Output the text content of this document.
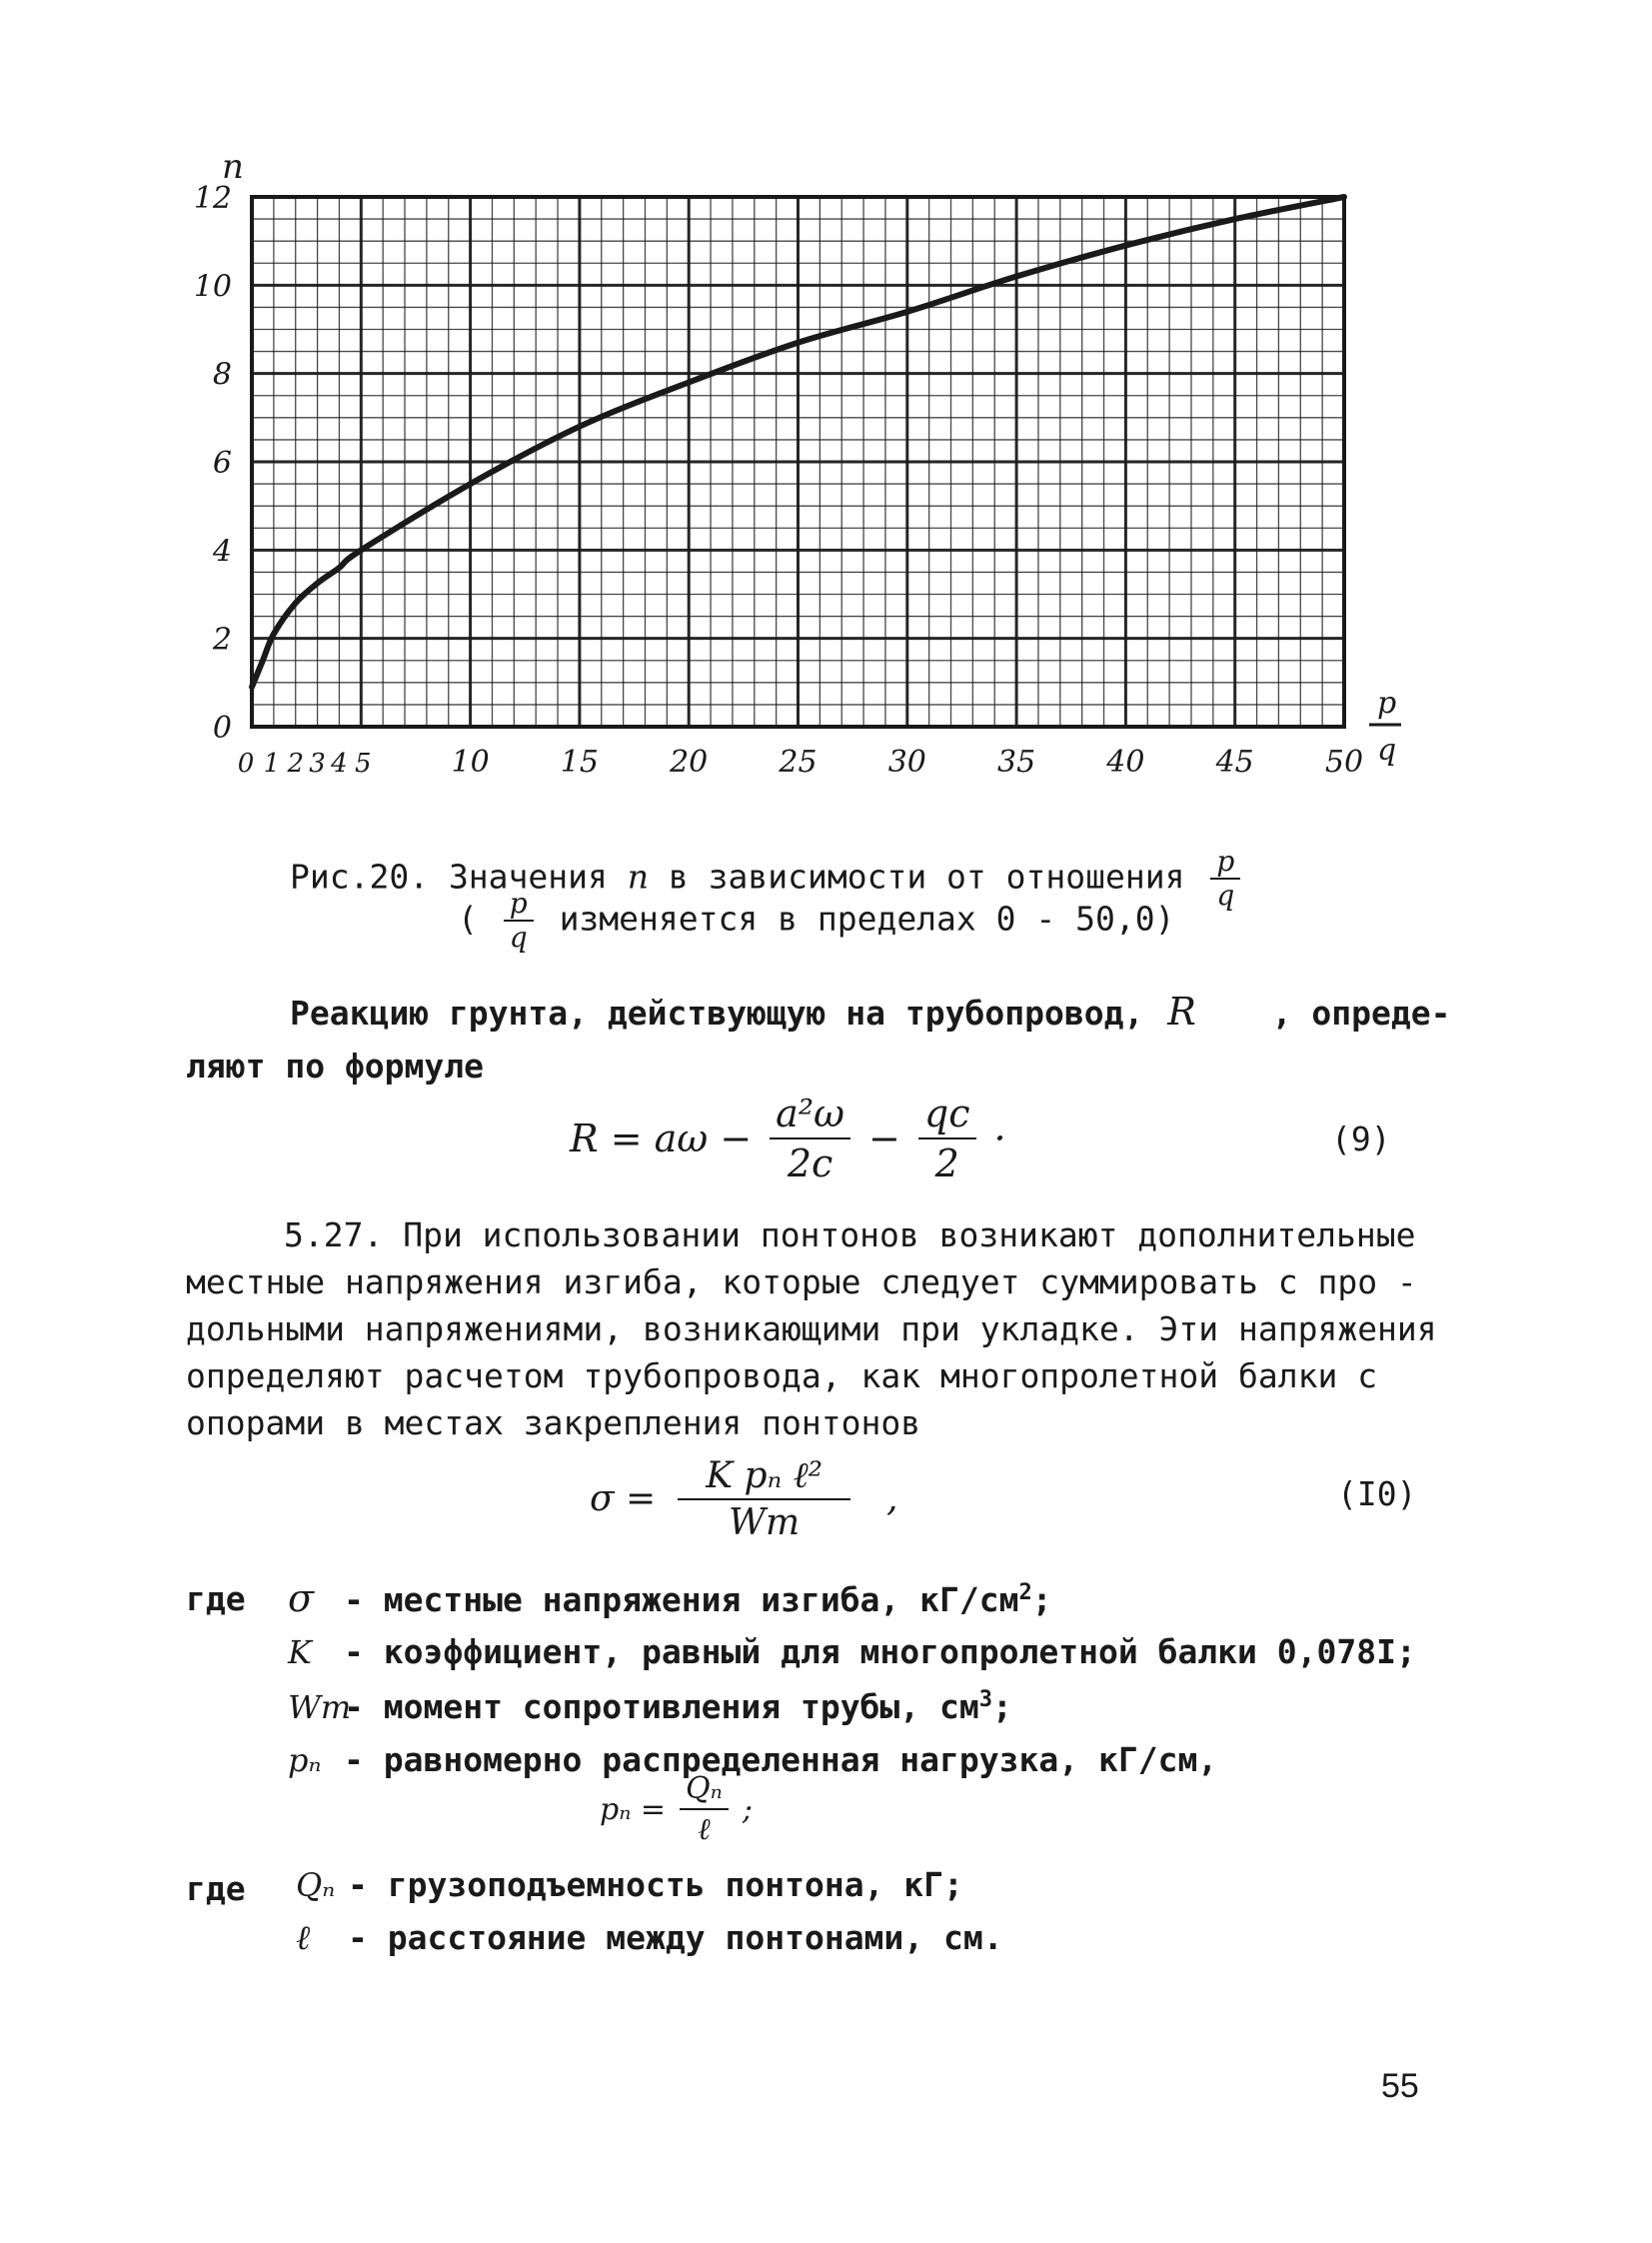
0 1 2 3 4 5	10 15 20 25 30 35 40 45 50
0
2
4
6
8
10
12
n
p
q
Рис.20. Значения n в зависимости от отношения $\frac{p}{q}$
( $\frac{p}{q}$ изменяется в пределах 0 - 50,0)
Реакцию грунта, действующую на трубопровод, R , опреде-
ляют по формуле
$R = a\omega - \frac{\text{a²ω}}{2c} - \frac{qc}{2}$ ·	(9)
5.27. При использовании понтонов возникают дополнительные
местные напряжения изгиба, которые следует суммировать с про -
дольными напряжениями, возникающими при укладке. Эти напряжения
определяют расчетом трубопровода, как многопролетной балки с
опорами в местах закрепления понтонов
$\sigma = \frac{\text{K pₙ ℓ²}}{Wт}$ ,	(I0)
где σ - местные напряжения изгиба, $кГ/см^2$;
K - коэффициент, равный для многопролетной балки 0,078I;
Wт- момент сопротивления трубы, $см^3$;
pₙ - равномерно распределенная нагрузка, кГ/см,
$p_n = \frac{\text{Qₙ}}{\text{ℓ}}$ ;
где Qₙ - грузоподъемность понтона, кГ;
ℓ - расстояние между понтонами, см.
55
